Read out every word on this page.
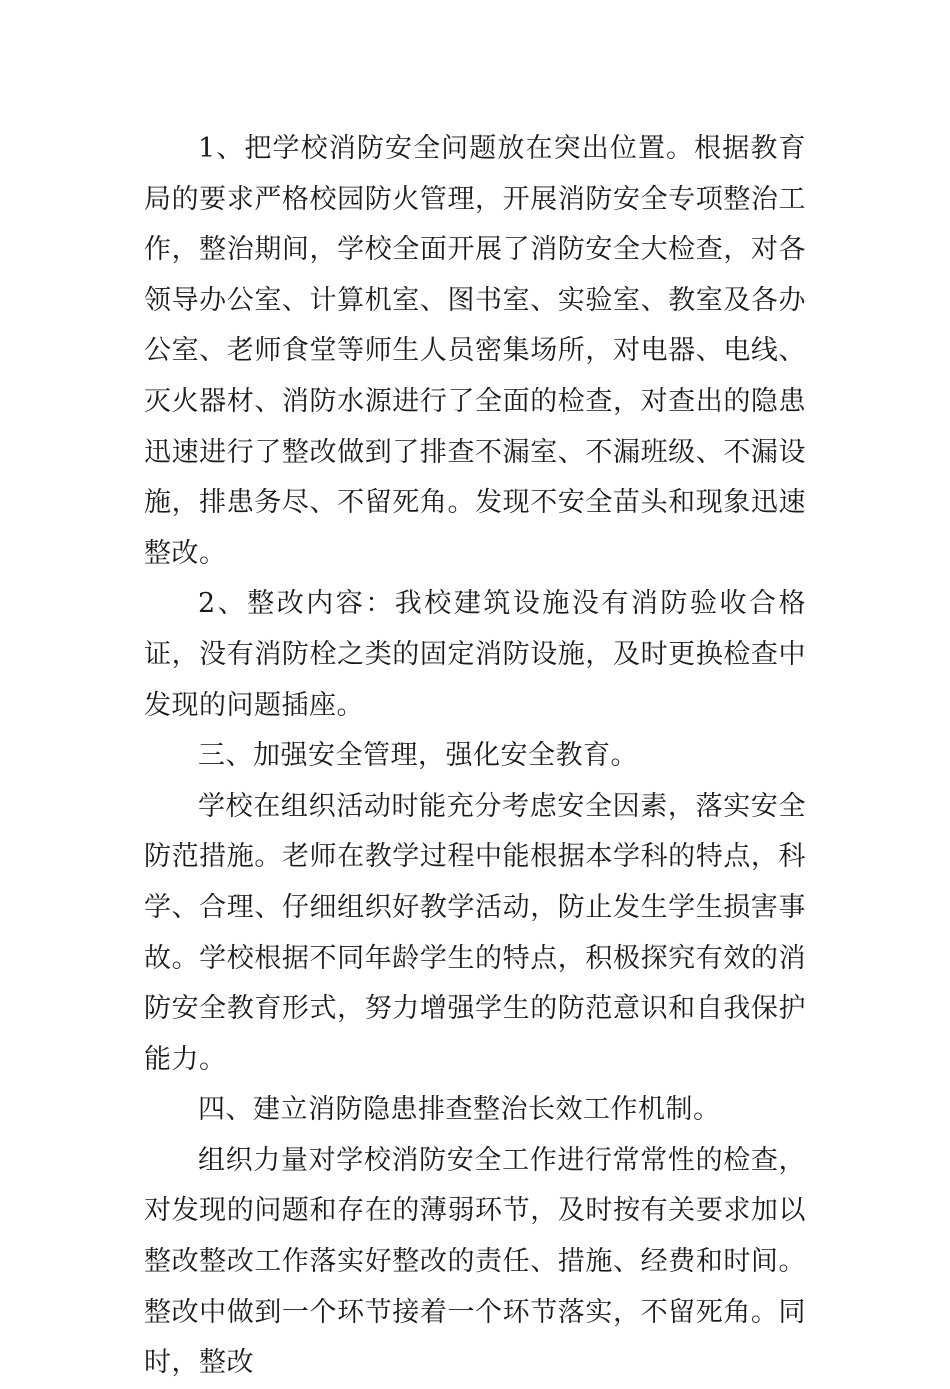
1、把学校消防安全问题放在突出位置。根据教育局的要求严格校园防火管理，开展消防安全专项整治工作，整治期间，学校全面开展了消防安全大检查，对各领导办公室、计算机室、图书室、实验室、教室及各办公室、老师食堂等师生人员密集场所，对电器、电线、灭火器材、消防水源进行了全面的检查，对查出的隐患迅速进行了整改做到了排查不漏室、不漏班级、不漏设施，排患务尽、不留死角。发现不安全苗头和现象迅速整改。

2、整改内容：我校建筑设施没有消防验收合格证，没有消防栓之类的固定消防设施，及时更换检查中发现的问题插座。

三、加强安全管理，强化安全教育。

学校在组织活动时能充分考虑安全因素，落实安全防范措施。老师在教学过程中能根据本学科的特点，科学、合理、仔细组织好教学活动，防止发生学生损害事故。学校根据不同年龄学生的特点，积极探究有效的消防安全教育形式，努力增强学生的防范意识和自我保护能力。

四、建立消防隐患排查整治长效工作机制。

组织力量对学校消防安全工作进行常常性的检查，对发现的问题和存在的薄弱环节，及时按有关要求加以整改整改工作落实好整改的责任、措施、经费和时间。整改中做到一个环节接着一个环节落实，不留死角。同时，整改
